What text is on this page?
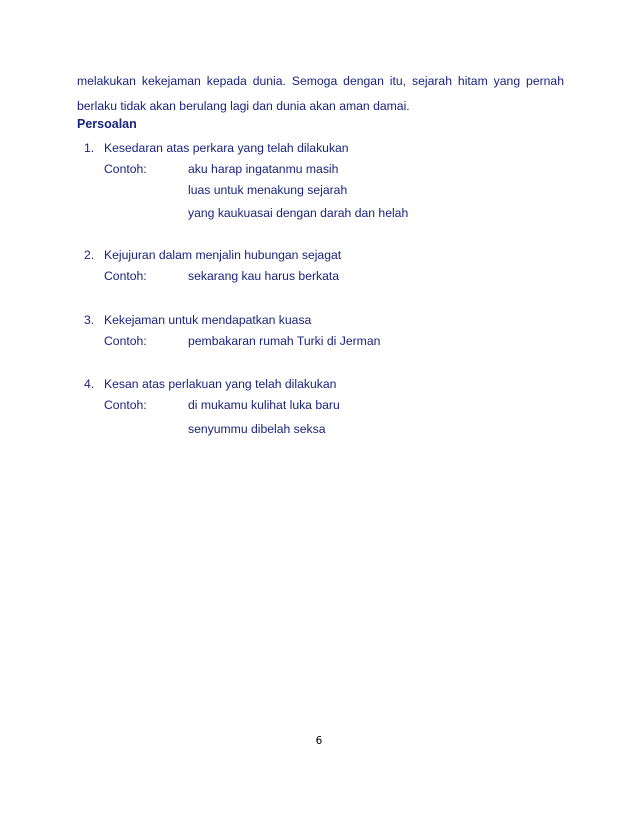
melakukan kekejaman kepada dunia. Semoga dengan itu, sejarah hitam yang pernah
berlaku tidak akan berulang lagi dan dunia akan aman damai.

Persoalan

1. Kesedaran atas perkara yang telah dilakukan
Contoh:	aku harap ingatanmu masih
luas untuk menakung sejarah
yang kaukuasai dengan darah dan helah
2. Kejujuran dalam menjalin hubungan sejagat
Contoh:	sekarang kau harus berkata
3. Kekejaman untuk mendapatkan kuasa
Contoh:	pembakaran rumah Turki di Jerman
4. Kesan atas perlakuan yang telah dilakukan
Contoh:	di mukamu kulihat luka baru
senyummu dibelah seksa
6
